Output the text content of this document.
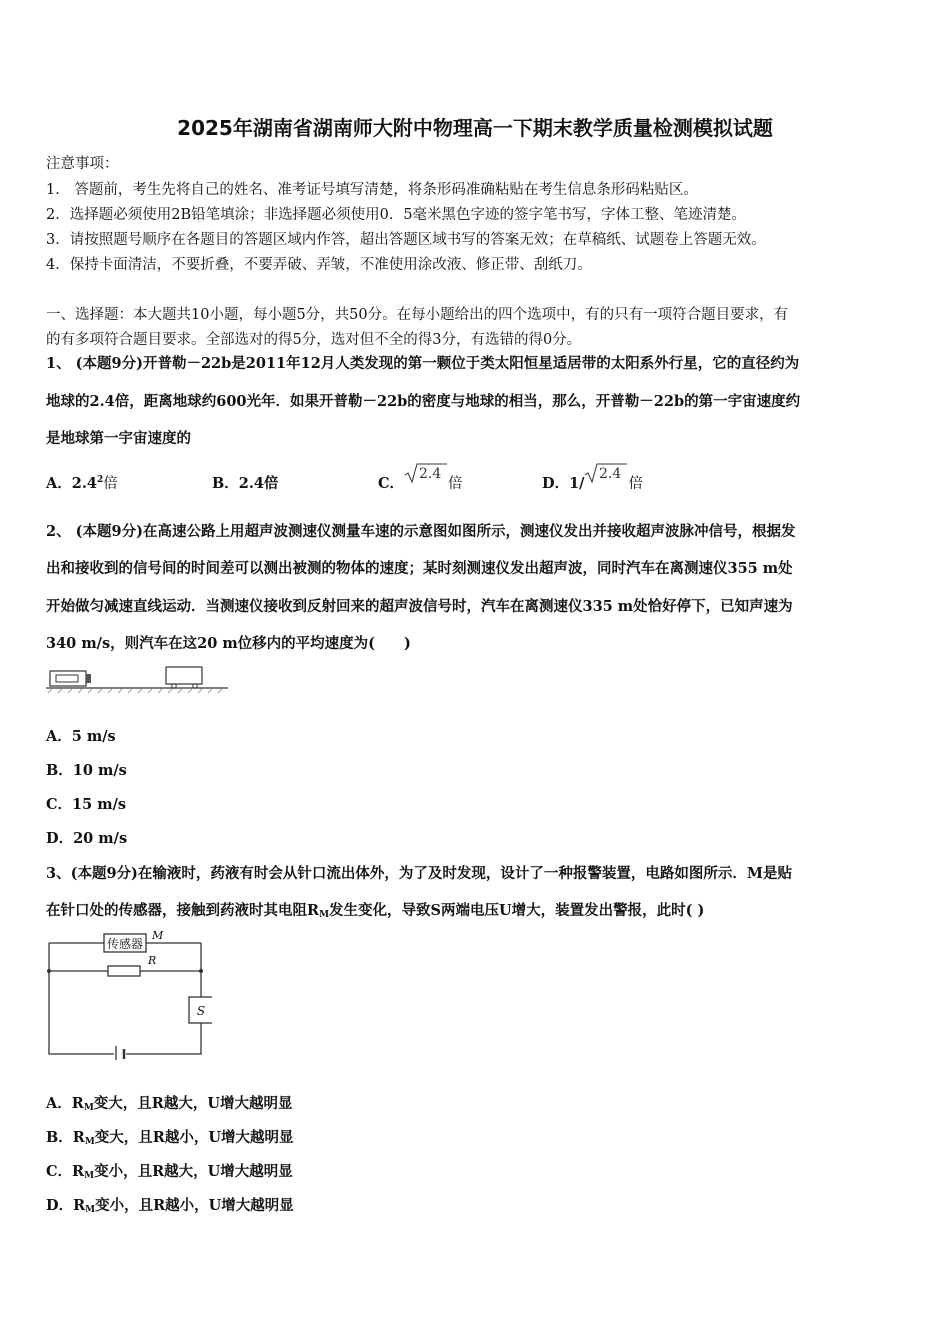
2025年湖南省湖南师大附中物理高一下期末教学质量检测模拟试题
注意事项：
1． 答题前，考生先将自己的姓名、准考证号填写清楚，将条形码准确粘贴在考生信息条形码粘贴区。
2．选择题必须使用2B铅笔填涂；非选择题必须使用0．5毫米黑色字迹的签字笔书写，字体工整、笔迹清楚。
3．请按照题号顺序在各题目的答题区域内作答，超出答题区域书写的答案无效；在草稿纸、试题卷上答题无效。
4．保持卡面清洁，不要折叠，不要弄破、弄皱，不准使用涂改液、修正带、刮纸刀。
一、选择题：本大题共10小题，每小题5分，共50分。在每小题给出的四个选项中，有的只有一项符合题目要求，有
的有多项符合题目要求。全部选对的得5分，选对但不全的得3分，有选错的得0分。
1、 (本题9分)开普勒－22b是2011年12月人类发现的第一颗位于类太阳恒星适居带的太阳系外行星，它的直径约为
地球的2.4倍，距离地球约600光年．如果开普勒－22b的密度与地球的相当，那么，开普勒－22b的第一宇宙速度约
是地球第一宇宙速度的
A．$2.4^2$倍	B．2.4倍	C．
2.4
倍	D．1/
2.4
倍
2、 (本题9分)在高速公路上用超声波测速仪测量车速的示意图如图所示，测速仪发出并接收超声波脉冲信号，根据发
出和接收到的信号间的时间差可以测出被测的物体的速度；某时刻测速仪发出超声波，同时汽车在离测速仪355 m处
开始做匀减速直线运动．当测速仪接收到反射回来的超声波信号时，汽车在离测速仪335 m处恰好停下，已知声速为
340 m/s，则汽车在这20 m位移内的平均速度为(　　)
A．5 m/s
B．10 m/s
C．15 m/s
D．20 m/s
3、(本题9分)在输液时，药液有时会从针口流出体外，为了及时发现，设计了一种报警装置，电路如图所示．M是贴
在针口处的传感器，接触到药液时其电阻$R_M$发生变化，导致S两端电压U增大，装置发出警报，此时( )
传感器
M
R
S
A．$R_M$变大，且R越大，U增大越明显
B．$R_M$变大，且R越小，U增大越明显
C．$R_M$变小，且R越大，U增大越明显
D．$R_M$变小，且R越小，U增大越明显
